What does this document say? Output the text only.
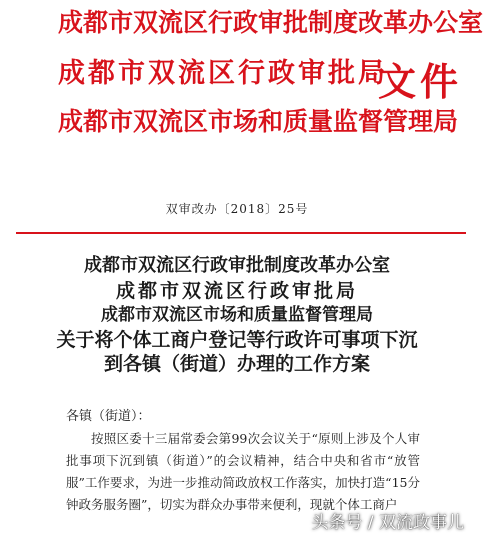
成都市双流区行政审批制度改革办公室
成都市双流区行政审批局
成都市双流区市场和质量监督管理局
文件
双审改办〔2018〕25号
成都市双流区行政审批制度改革办公室
成都市双流区行政审批局
成都市双流区市场和质量监督管理局
关于将个体工商户登记等行政许可事项下沉
到各镇（街道）办理的工作方案
各镇（街道）：
按照区委十三届常委会第99次会议关于“原则上涉及个人审批事项下沉到镇（街道）”的会议精神，结合中央和省市“放管服”工作要求，为进一步推动简政放权工作落实，加快打造“15分钟政务服务圈”，切实为群众办事带来便利，现就个体工商户
头条号 / 双流政事儿
